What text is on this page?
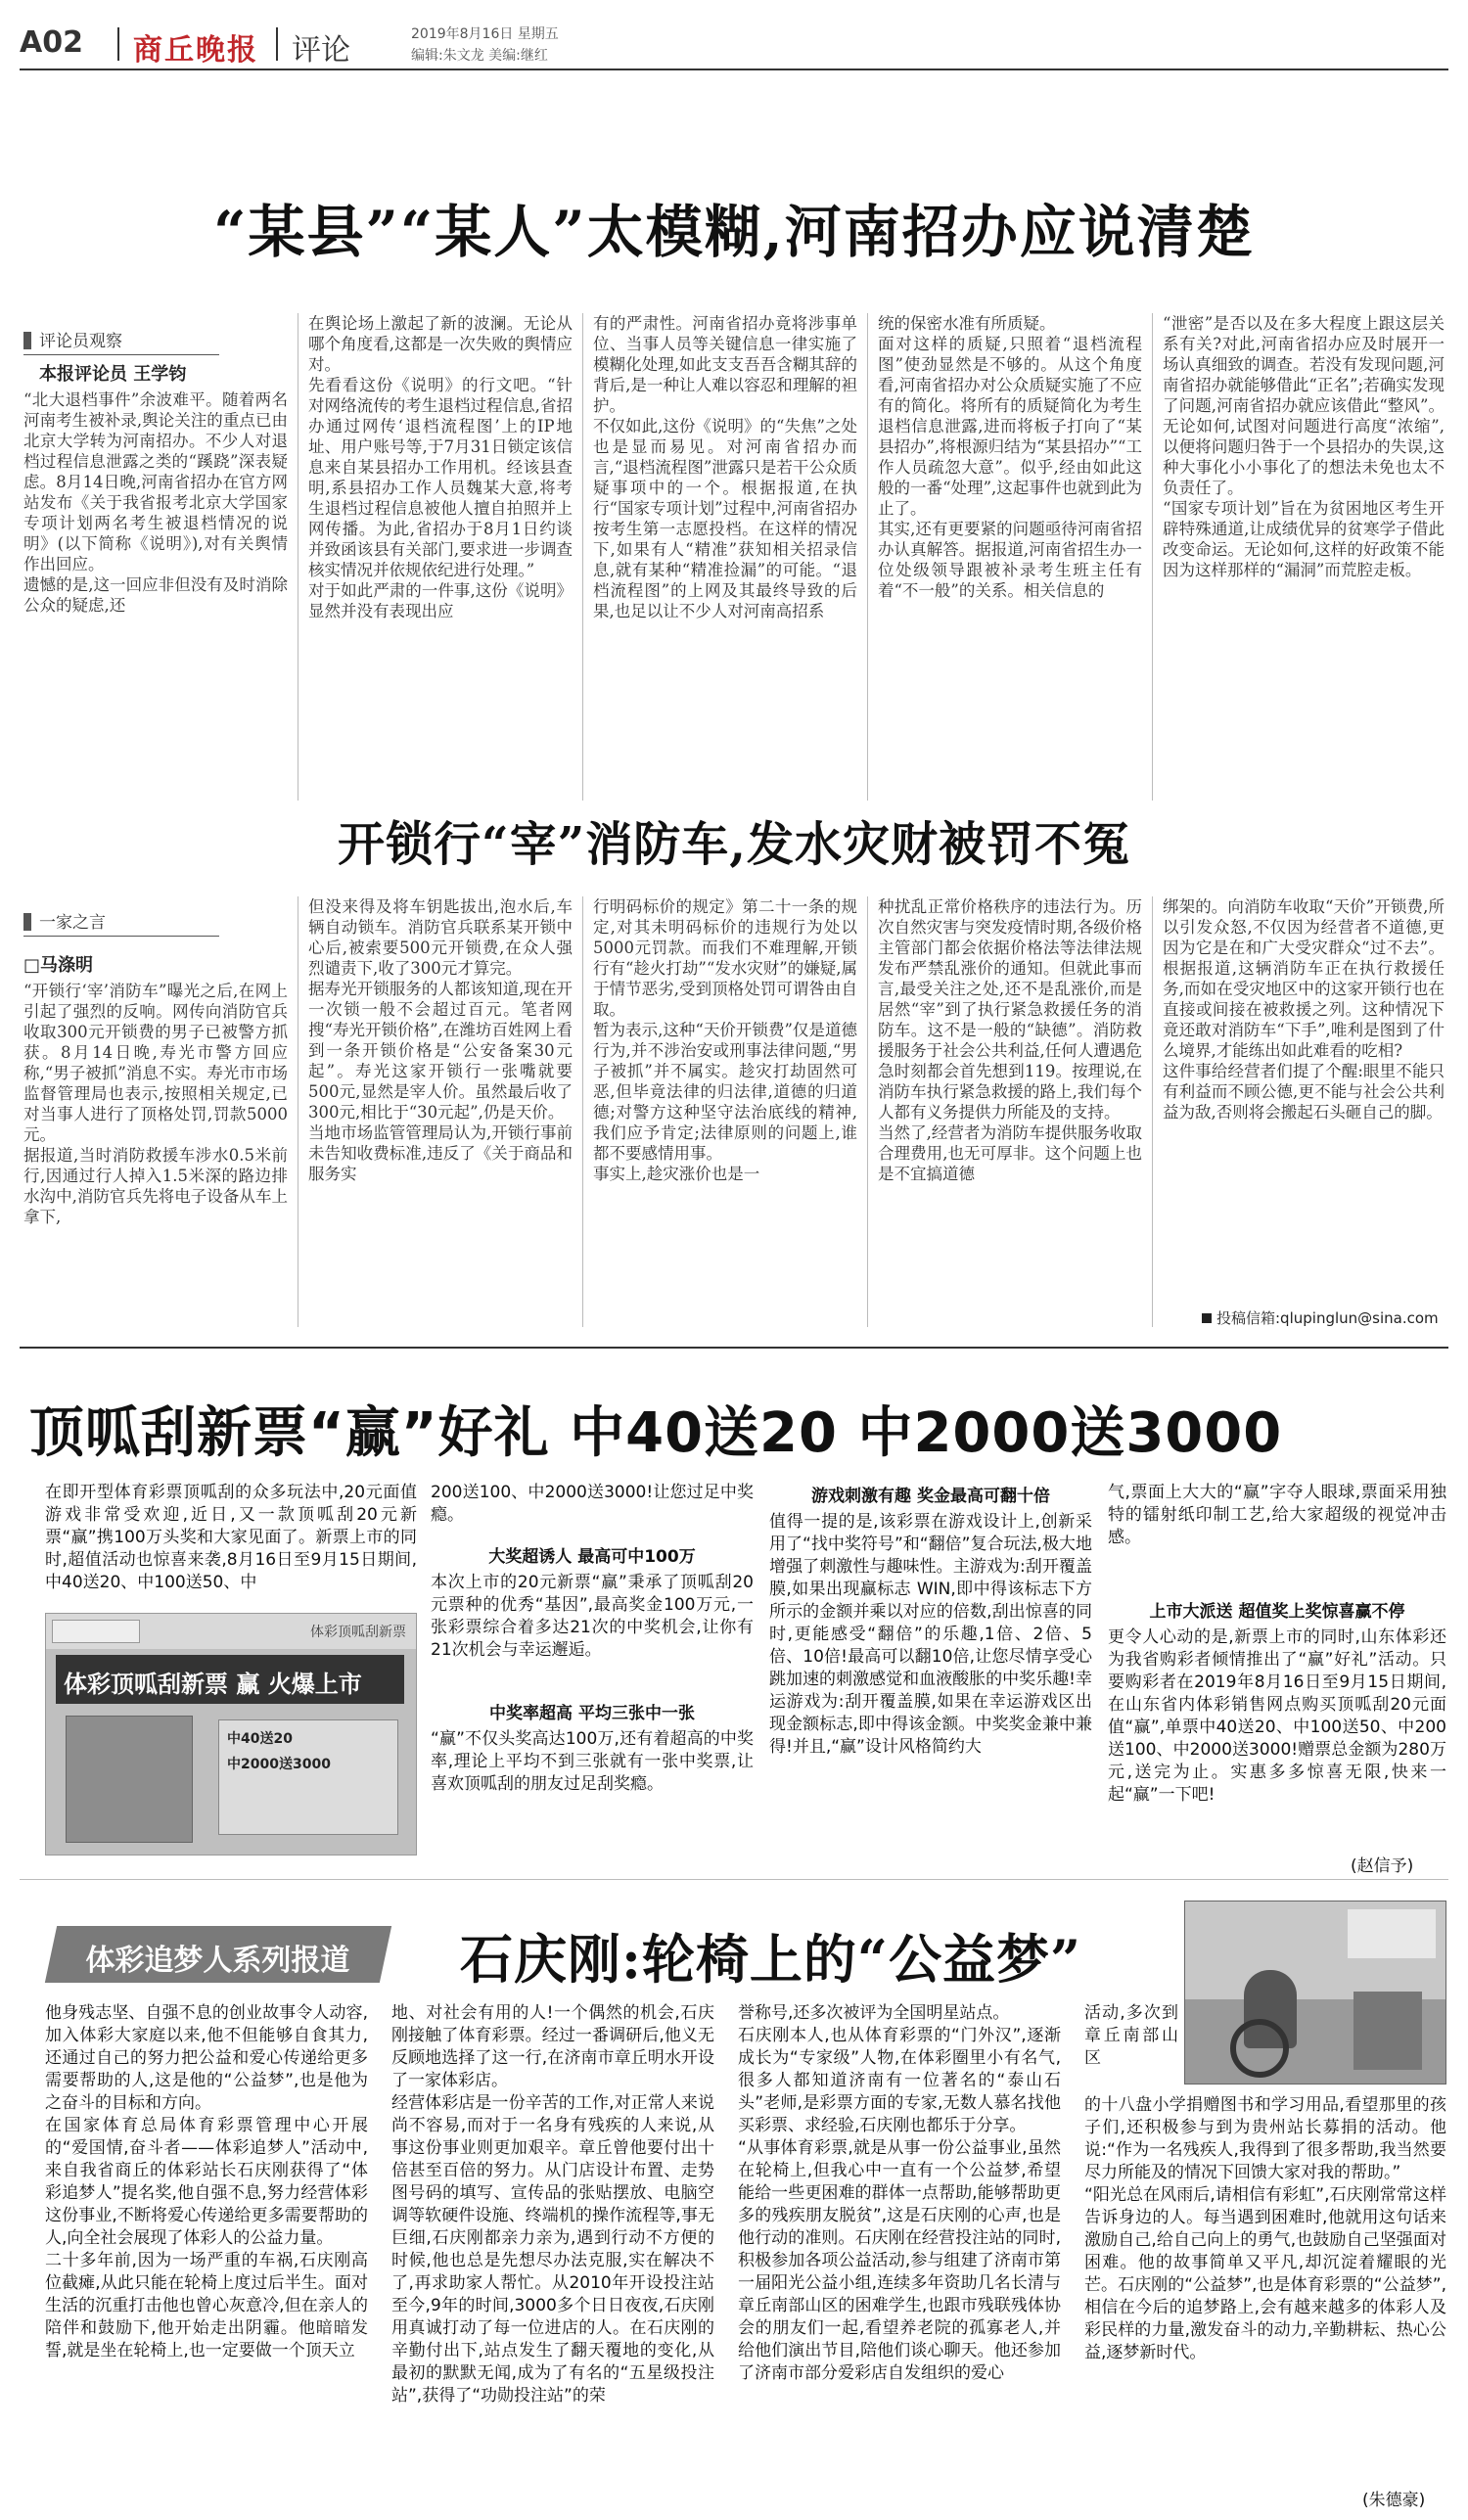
A02 商丘晚报 评论	2019年8月16日 星期五
编辑:朱文龙 美编:继红
“某县”“某人”太模糊,河南招办应说清楚
评论员观察
本报评论员 王学钧
“北大退档事件”余波难平。随着两名河南考生被补录,舆论关注的重点已由北京大学转为河南招办。不少人对退档过程信息泄露之类的“蹊跷”深表疑虑。8月14日晚,河南省招办在官方网站发布《关于我省报考北京大学国家专项计划两名考生被退档情况的说明》(以下简称《说明》),对有关舆情作出回应。
遗憾的是,这一回应非但没有及时消除公众的疑虑,还
在舆论场上激起了新的波澜。无论从哪个角度看,这都是一次失败的舆情应对。
先看看这份《说明》的行文吧。“针对网络流传的考生退档过程信息,省招办通过网传‘退档流程图’上的IP地址、用户账号等,于7月31日锁定该信息来自某县招办工作用机。经该县查明,系县招办工作人员魏某大意,将考生退档过程信息被他人擅自拍照并上网传播。为此,省招办于8月1日约谈并致函该县有关部门,要求进一步调查核实情况并依规依纪进行处理。”
对于如此严肃的一件事,这份《说明》显然并没有表现出应
有的严肃性。河南省招办竟将涉事单位、当事人员等关键信息一律实施了模糊化处理,如此支支吾吾含糊其辞的背后,是一种让人难以容忍和理解的袒护。
不仅如此,这份《说明》的“失焦”之处也是显而易见。对河南省招办而言,“退档流程图”泄露只是若干公众质疑事项中的一个。根据报道,在执行“国家专项计划”过程中,河南省招办按考生第一志愿投档。在这样的情况下,如果有人“精准”获知相关招录信息,就有某种“精准捡漏”的可能。“退档流程图”的上网及其最终导致的后果,也足以让不少人对河南高招系
统的保密水准有所质疑。
面对这样的质疑,只照着“退档流程图”使劲显然是不够的。从这个角度看,河南省招办对公众质疑实施了不应有的简化。将所有的质疑简化为考生退档信息泄露,进而将板子打向了“某县招办”,将根源归结为“某县招办”“工作人员疏忽大意”。似乎,经由如此这般的一番“处理”,这起事件也就到此为止了。
其实,还有更要紧的问题亟待河南省招办认真解答。据报道,河南省招生办一位处级领导跟被补录考生班主任有着“不一般”的关系。相关信息的
“泄密”是否以及在多大程度上跟这层关系有关?对此,河南省招办应及时展开一场认真细致的调查。若没有发现问题,河南省招办就能够借此“正名”;若确实发现了问题,河南省招办就应该借此“整风”。无论如何,试图对问题进行高度“浓缩”,以便将问题归咎于一个县招办的失误,这种大事化小小事化了的想法未免也太不负责任了。
“国家专项计划”旨在为贫困地区考生开辟特殊通道,让成绩优异的贫寒学子借此改变命运。无论如何,这样的好政策不能因为这样那样的“漏洞”而荒腔走板。
开锁行“宰”消防车,发水灾财被罚不冤
一家之言
□马涤明
“开锁行‘宰’消防车”曝光之后,在网上引起了强烈的反响。网传向消防官兵收取300元开锁费的男子已被警方抓获。8月14日晚,寿光市警方回应称,“男子被抓”消息不实。寿光市市场监督管理局也表示,按照相关规定,已对当事人进行了顶格处罚,罚款5000元。
据报道,当时消防救援车涉水0.5米前行,因通过行人掉入1.5米深的路边排水沟中,消防官兵先将电子设备从车上拿下,
但没来得及将车钥匙拔出,泡水后,车辆自动锁车。消防官兵联系某开锁中心后,被索要500元开锁费,在众人强烈谴责下,收了300元才算完。
据寿光开锁服务的人都该知道,现在开一次锁一般不会超过百元。笔者网搜“寿光开锁价格”,在潍坊百姓网上看到一条开锁价格是“公安备案30元起”。寿光这家开锁行一张嘴就要500元,显然是宰人价。虽然最后收了300元,相比于“30元起”,仍是天价。
当地市场监管管理局认为,开锁行事前未告知收费标准,违反了《关于商品和服务实
行明码标价的规定》第二十一条的规定,对其未明码标价的违规行为处以5000元罚款。而我们不难理解,开锁行有“趁火打劫”“发水灾财”的嫌疑,属于情节恶劣,受到顶格处罚可谓咎由自取。
暂为表示,这种“天价开锁费”仅是道德行为,并不涉治安或刑事法律问题,“男子被抓”并不属实。趁灾打劫固然可恶,但毕竟法律的归法律,道德的归道德;对警方这种坚守法治底线的精神,我们应予肯定;法律原则的问题上,谁都不要感情用事。
事实上,趁灾涨价也是一
种扰乱正常价格秩序的违法行为。历次自然灾害与突发疫情时期,各级价格主管部门都会依据价格法等法律法规发布严禁乱涨价的通知。但就此事而言,最受关注之处,还不是乱涨价,而是居然“宰”到了执行紧急救援任务的消防车。这不是一般的“缺德”。消防救援服务于社会公共利益,任何人遭遇危急时刻都会首先想到119。按理说,在消防车执行紧急救援的路上,我们每个人都有义务提供力所能及的支持。
当然了,经营者为消防车提供服务收取合理费用,也无可厚非。这个问题上也是不宜搞道德
绑架的。向消防车收取“天价”开锁费,所以引发众怒,不仅因为经营者不道德,更因为它是在和广大受灾群众“过不去”。根据报道,这辆消防车正在执行救援任务,而如在受灾地区中的这家开锁行也在直接或间接在被救援之列。这种情况下竟还敢对消防车“下手”,唯利是图到了什么境界,才能练出如此难看的吃相?
这件事给经营者们提了个醒:眼里不能只有利益而不顾公德,更不能与社会公共利益为敌,否则将会搬起石头砸自己的脚。
投稿信箱:qlupinglun@sina.com
顶呱刮新票“赢”好礼 中40送20 中2000送3000
在即开型体育彩票顶呱刮的众多玩法中,20元面值游戏非常受欢迎,近日,又一款顶呱刮20元新票“赢”携100万头奖和大家见面了。新票上市的同时,超值活动也惊喜来袭,8月16日至9月15日期间,中40送20、中100送50、中
体彩顶呱刮新票
体彩顶呱刮新票 赢 火爆上市
中40送20
中2000送3000
200送100、中2000送3000!让您过足中奖瘾。
大奖超诱人 最高可中100万
本次上市的20元新票“赢”秉承了顶呱刮20元票种的优秀“基因”,最高奖金100万元,一张彩票综合着多达21次的中奖机会,让你有21次机会与幸运邂逅。
中奖率超高 平均三张中一张
“赢”不仅头奖高达100万,还有着超高的中奖率,理论上平均不到三张就有一张中奖票,让喜欢顶呱刮的朋友过足刮奖瘾。
游戏刺激有趣 奖金最高可翻十倍
值得一提的是,该彩票在游戏设计上,创新采用了“找中奖符号”和“翻倍”复合玩法,极大地增强了刺激性与趣味性。主游戏为:刮开覆盖膜,如果出现赢标志 WIN,即中得该标志下方所示的金额并乘以对应的倍数,刮出惊喜的同时,更能感受“翻倍”的乐趣,1倍、2倍、5倍、10倍!最高可以翻10倍,让您尽情享受心跳加速的刺激感觉和血液酸胀的中奖乐趣!幸运游戏为:刮开覆盖膜,如果在幸运游戏区出现金额标志,即中得该金额。中奖奖金兼中兼得!并且,“赢”设计风格简约大
气,票面上大大的“赢”字夺人眼球,票面采用独特的镭射纸印制工艺,给大家超级的视觉冲击感。
上市大派送 超值奖上奖惊喜赢不停
更令人心动的是,新票上市的同时,山东体彩还为我省购彩者倾情推出了“赢”好礼”活动。只要购彩者在2019年8月16日至9月15日期间,在山东省内体彩销售网点购买顶呱刮20元面值“赢”,单票中40送20、中100送50、中200送100、中2000送3000!赠票总金额为280万元,送完为止。实惠多多惊喜无限,快来一起“赢”一下吧!
(赵信予)
体彩追梦人系列报道	石庆刚:轮椅上的“公益梦”
他身残志坚、自强不息的创业故事令人动容,加入体彩大家庭以来,他不但能够自食其力,还通过自己的努力把公益和爱心传递给更多需要帮助的人,这是他的“公益梦”,也是他为之奋斗的目标和方向。
在国家体育总局体育彩票管理中心开展的“爱国情,奋斗者——体彩追梦人”活动中,来自我省商丘的体彩站长石庆刚获得了“体彩追梦人”提名奖,他自强不息,努力经营体彩这份事业,不断将爱心传递给更多需要帮助的人,向全社会展现了体彩人的公益力量。
二十多年前,因为一场严重的车祸,石庆刚高位截瘫,从此只能在轮椅上度过后半生。面对生活的沉重打击他也曾心灰意冷,但在亲人的陪伴和鼓励下,他开始走出阴霾。他暗暗发誓,就是坐在轮椅上,也一定要做一个顶天立
地、对社会有用的人!一个偶然的机会,石庆刚接触了体育彩票。经过一番调研后,他义无反顾地选择了这一行,在济南市章丘明水开设了一家体彩店。
经营体彩店是一份辛苦的工作,对正常人来说尚不容易,而对于一名身有残疾的人来说,从事这份事业则更加艰辛。章丘曾他要付出十倍甚至百倍的努力。从门店设计布置、走势图号码的填写、宣传品的张贴摆放、电脑空调等软硬件设施、终端机的操作流程等,事无巨细,石庆刚都亲力亲为,遇到行动不方便的时候,他也总是先想尽办法克服,实在解决不了,再求助家人帮忙。从2010年开设投注站至今,9年的时间,3000多个日日夜夜,石庆刚用真诚打动了每一位进店的人。在石庆刚的辛勤付出下,站点发生了翻天覆地的变化,从最初的默默无闻,成为了有名的“五星级投注站”,获得了“功勋投注站”的荣
誉称号,还多次被评为全国明星站点。
石庆刚本人,也从体育彩票的“门外汉”,逐渐成长为“专家级”人物,在体彩圈里小有名气,很多人都知道济南有一位著名的“泰山石头”老师,是彩票方面的专家,无数人慕名找他买彩票、求经验,石庆刚也都乐于分享。
“从事体育彩票,就是从事一份公益事业,虽然在轮椅上,但我心中一直有一个公益梦,希望能给一些更困难的群体一点帮助,能够帮助更多的残疾朋友脱贫”,这是石庆刚的心声,也是他行动的准则。石庆刚在经营投注站的同时,积极参加各项公益活动,参与组建了济南市第一届阳光公益小组,连续多年资助几名长清与章丘南部山区的困难学生,也跟市残联残体协会的朋友们一起,看望养老院的孤寡老人,并给他们演出节目,陪他们谈心聊天。他还参加了济南市部分爱彩店自发组织的爱心
活动,多次到章丘南部山区
的十八盘小学捐赠图书和学习用品,看望那里的孩子们,还积极参与到为贵州站长募捐的活动。他说:“作为一名残疾人,我得到了很多帮助,我当然要尽力所能及的情况下回馈大家对我的帮助。”
“阳光总在风雨后,请相信有彩虹”,石庆刚常常这样告诉身边的人。每当遇到困难时,他就用这句话来激励自己,给自己向上的勇气,也鼓励自己坚强面对困难。他的故事简单又平凡,却沉淀着耀眼的光芒。石庆刚的“公益梦”,也是体育彩票的“公益梦”,相信在今后的追梦路上,会有越来越多的体彩人及彩民样的力量,激发奋斗的动力,辛勤耕耘、热心公益,逐梦新时代。
(朱德豪)
